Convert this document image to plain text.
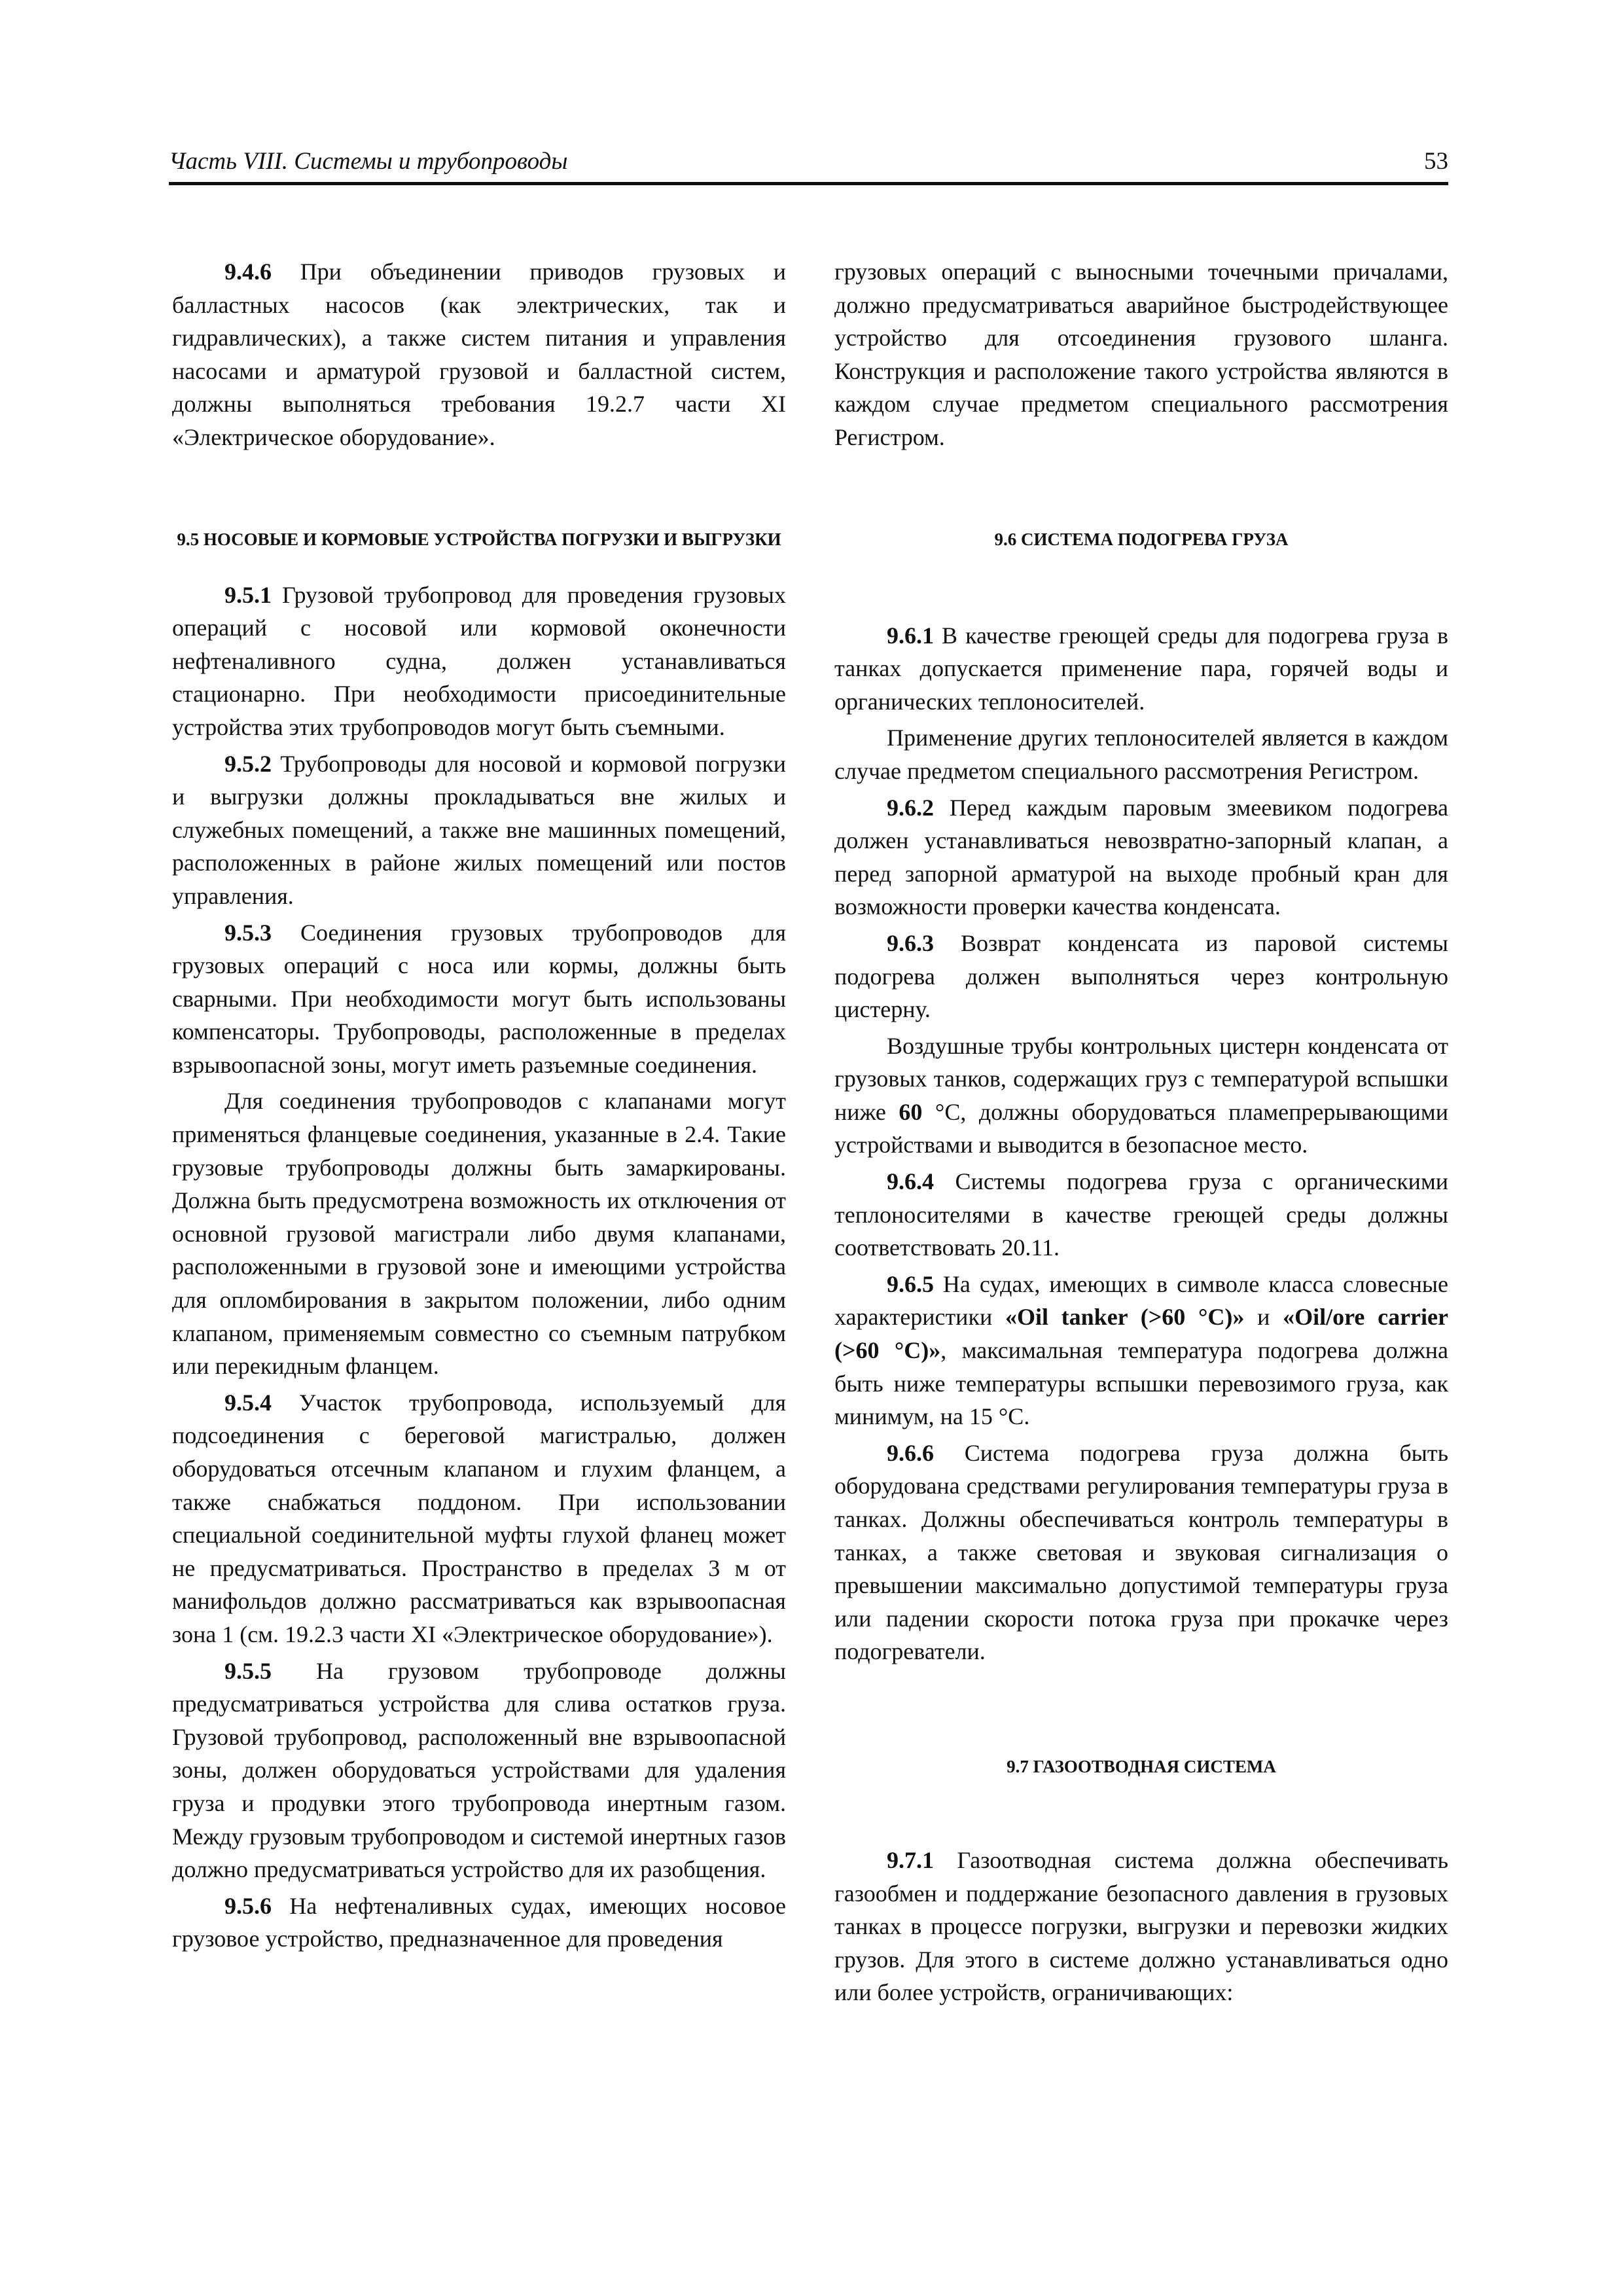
Часть VIII. Системы и трубопроводы	53

9.4.6 При объединении приводов грузовых и балластных насосов (как электрических, так и гидравлических), а также систем питания и управления насосами и арматурой грузовой и балластной систем, должны выполняться требования 19.2.7 части XI «Электрическое оборудование».

9.5 НОСОВЫЕ И КОРМОВЫЕ УСТРОЙСТВА ПОГРУЗКИ И ВЫГРУЗКИ

9.5.1 Грузовой трубопровод для проведения грузовых операций с носовой или кормовой оконечности нефтеналивного судна, должен устанавливаться стационарно. При необходимости присоединительные устройства этих трубопроводов могут быть съемными.

9.5.2 Трубопроводы для носовой и кормовой погрузки и выгрузки должны прокладываться вне жилых и служебных помещений, а также вне машинных помещений, расположенных в районе жилых помещений или постов управления.

9.5.3 Соединения грузовых трубопроводов для грузовых операций с носа или кормы, должны быть сварными. При необходимости могут быть использованы компенсаторы. Трубопроводы, расположенные в пределах взрывоопасной зоны, могут иметь разъемные соединения.

Для соединения трубопроводов с клапанами могут применяться фланцевые соединения, указанные в 2.4. Такие грузовые трубопроводы должны быть замаркированы. Должна быть предусмотрена возможность их отключения от основной грузовой магистрали либо двумя клапанами, расположенными в грузовой зоне и имеющими устройства для опломбирования в закрытом положении, либо одним клапаном, применяемым совместно со съемным патрубком или перекидным фланцем.

9.5.4 Участок трубопровода, используемый для подсоединения с береговой магистралью, должен оборудоваться отсечным клапаном и глухим фланцем, а также снабжаться поддоном. При использовании специальной соединительной муфты глухой фланец может не предусматриваться. Пространство в пределах 3 м от манифольдов должно рассматриваться как взрывоопасная зона 1 (см. 19.2.3 части XI «Электрическое оборудование»).

9.5.5 На грузовом трубопроводе должны предусматриваться устройства для слива остатков груза. Грузовой трубопровод, расположенный вне взрывоопасной зоны, должен оборудоваться устройствами для удаления груза и продувки этого трубопровода инертным газом. Между грузовым трубопроводом и системой инертных газов должно предусматриваться устройство для их разобщения.

9.5.6 На нефтеналивных судах, имеющих носовое грузовое устройство, предназначенное для проведения

грузовых операций с выносными точечными причалами, должно предусматриваться аварийное быстродействующее устройство для отсоединения грузового шланга. Конструкция и расположение такого устройства являются в каждом случае предметом специального рассмотрения Регистром.

9.6 СИСТЕМА ПОДОГРЕВА ГРУЗА

9.6.1 В качестве греющей среды для подогрева груза в танках допускается применение пара, горячей воды и органических теплоносителей.

Применение других теплоносителей является в каждом случае предметом специального рассмотрения Регистром.

9.6.2 Перед каждым паровым змеевиком подогрева должен устанавливаться невозвратно-запорный клапан, а перед запорной арматурой на выходе пробный кран для возможности проверки качества конденсата.

9.6.3 Возврат конденсата из паровой системы подогрева должен выполняться через контрольную цистерну.

Воздушные трубы контрольных цистерн конденсата от грузовых танков, содержащих груз с температурой вспышки ниже 60 °С, должны оборудоваться пламепрерывающими устройствами и выводится в безопасное место.

9.6.4 Системы подогрева груза с органическими теплоносителями в качестве греющей среды должны соответствовать 20.11.

9.6.5 На судах, имеющих в символе класса словесные характеристики «Oil tanker (>60 °С)» и «Oil/ore carrier (>60 °С)», максимальная температура подогрева должна быть ниже температуры вспышки перевозимого груза, как минимум, на 15 °С.

9.6.6 Система подогрева груза должна быть оборудована средствами регулирования температуры груза в танках. Должны обеспечиваться контроль температуры в танках, а также световая и звуковая сигнализация о превышении максимально допустимой температуры груза или падении скорости потока груза при прокачке через подогреватели.

9.7 ГАЗООТВОДНАЯ СИСТЕМА

9.7.1 Газоотводная система должна обеспечивать газообмен и поддержание безопасного давления в грузовых танках в процессе погрузки, выгрузки и перевозки жидких грузов. Для этого в системе должно устанавливаться одно или более устройств, ограничивающих:
